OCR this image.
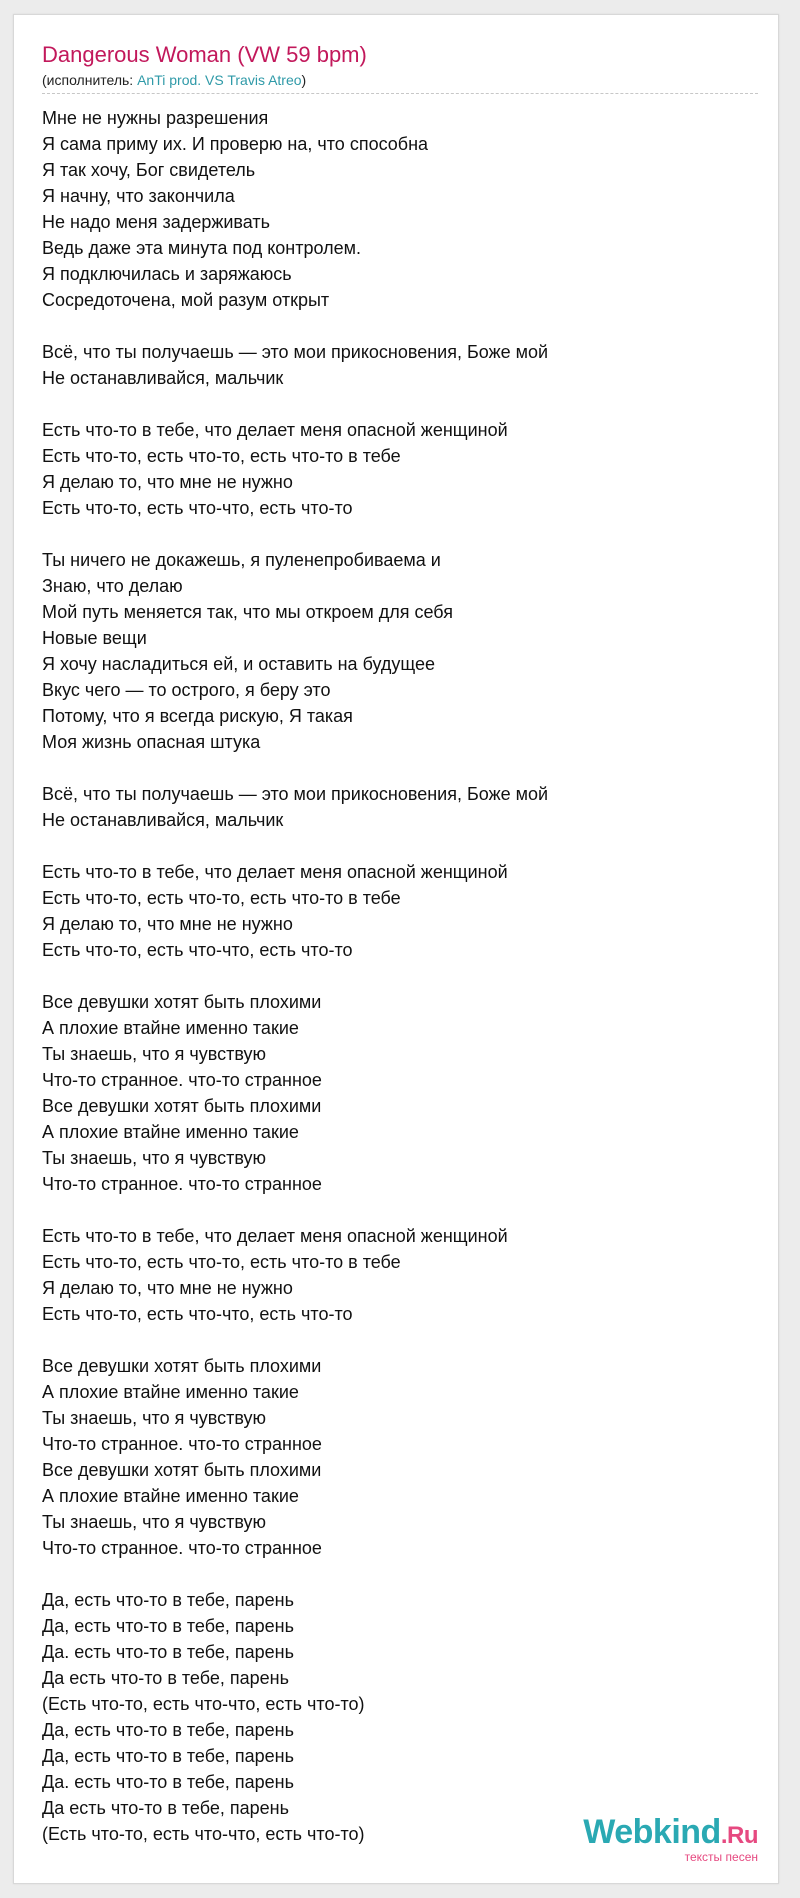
Dangerous Woman (VW 59 bpm)
(исполнитель: AnTi prod. VS Travis Atreo)
Мне не нужны разрешения
Я сама приму их. И проверю на, что способна
Я так хочу, Бог свидетель
Я начну, что закончила
Не надо меня задерживать
Ведь даже эта минута под контролем.
Я подключилась и заряжаюсь
Сосредоточена, мой разум открыт
Всё, что ты получаешь — это мои прикосновения, Боже мой
Не останавливайся, мальчик
Есть что-то в тебе, что делает меня опасной женщиной
Есть что-то, есть что-то, есть что-то в тебе
Я делаю то, что мне не нужно
Есть что-то, есть что-что, есть что-то
Ты ничего не докажешь, я пуленепробиваема и
Знаю, что делаю
Мой путь меняется так, что мы откроем для себя
Новые вещи
Я хочу насладиться ей, и оставить на будущее
Вкус чего — то острого, я беру это
Потому, что я всегда рискую, Я такая
Моя жизнь опасная штука
Всё, что ты получаешь — это мои прикосновения, Боже мой
Не останавливайся, мальчик
Есть что-то в тебе, что делает меня опасной женщиной
Есть что-то, есть что-то, есть что-то в тебе
Я делаю то, что мне не нужно
Есть что-то, есть что-что, есть что-то
Все девушки хотят быть плохими
А плохие втайне именно такие
Ты знаешь, что я чувствую
Что-то странное. что-то странное
Все девушки хотят быть плохими
А плохие втайне именно такие
Ты знаешь, что я чувствую
Что-то странное. что-то странное
Есть что-то в тебе, что делает меня опасной женщиной
Есть что-то, есть что-то, есть что-то в тебе
Я делаю то, что мне не нужно
Есть что-то, есть что-что, есть что-то
Все девушки хотят быть плохими
А плохие втайне именно такие
Ты знаешь, что я чувствую
Что-то странное. что-то странное
Все девушки хотят быть плохими
А плохие втайне именно такие
Ты знаешь, что я чувствую
Что-то странное. что-то странное
Да, есть что-то в тебе, парень
Да, есть что-то в тебе, парень
Да. есть что-то в тебе, парень
Да есть что-то в тебе, парень
(Есть что-то, есть что-что, есть что-то)
Да, есть что-то в тебе, парень
Да, есть что-то в тебе, парень
Да. есть что-то в тебе, парень
Да есть что-то в тебе, парень
(Есть что-то, есть что-что, есть что-то)	Webkind.Ru
тексты песен
